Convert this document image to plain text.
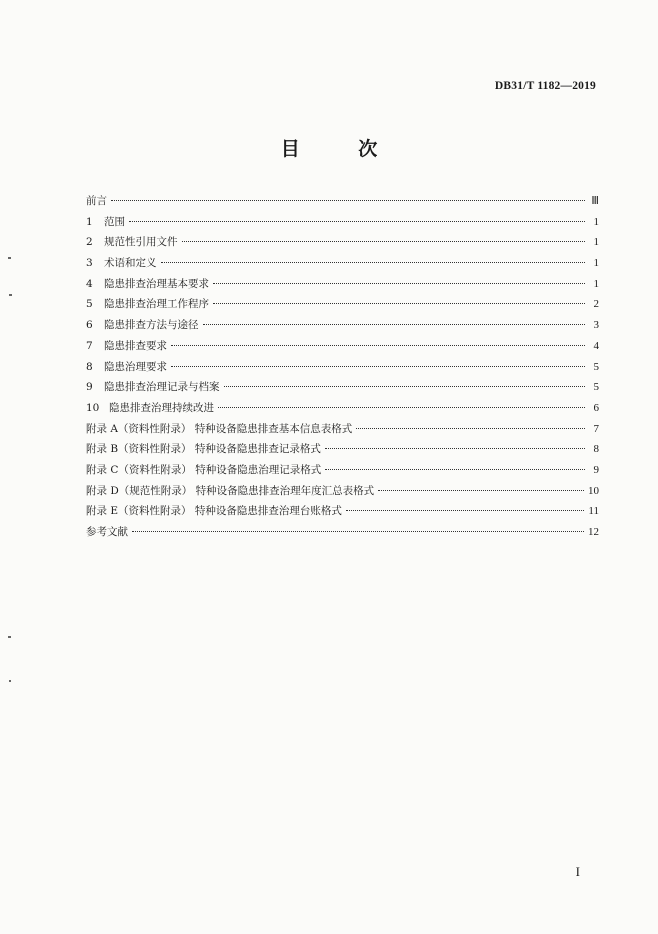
DB31/T 1182—2019
目 次
前言	Ⅲ
1	范围	1
2	规范性引用文件	1
3	术语和定义	1
4	隐患排查治理基本要求	1
5	隐患排查治理工作程序	2
6	隐患排查方法与途径	3
7	隐患排查要求	4
8	隐患治理要求	5
9	隐患排查治理记录与档案	5
10 隐患排查治理持续改进	6
附录 A（资料性附录） 特种设备隐患排查基本信息表格式	7
附录 B（资料性附录） 特种设备隐患排查记录格式	8
附录 C（资料性附录） 特种设备隐患治理记录格式	9
附录 D（规范性附录） 特种设备隐患排查治理年度汇总表格式	10
附录 E（资料性附录） 特种设备隐患排查治理台账格式	11
参考文献	12
I
